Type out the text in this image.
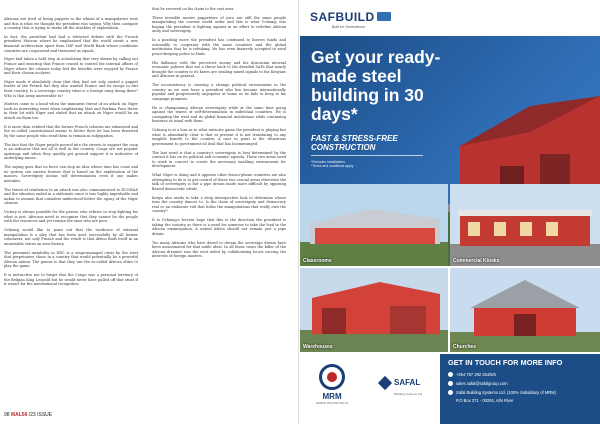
Africans are tired of being puppets to the whims of a manipulative west and this is what we thought the president was saying. Why then castigate a country that is trying to shake off the shackles of exploitation.

In fact, the president had had a televised debate with the French president Macron where he emphasized that the world needs a new financial architecture apart from IMF and World Bank whose conditions countries are cooperated and treasured as equals.

Niger had taken a bold step in actualizing that very dream by calling out France and ensuring that France ceased to control the internal affairs of Niger where the citizens today feel the benefits were enjoyed by France and their chosen acolytes.

Niger made it absolutely clear that they had not only ousted a puppet leader of the French but they also wanted France and its troops to exit their country. Is a sovereign country what is a foreign army doing there? Who is that army answerable to?

Matters came to a head when the imminent threat of an attack on Niger took an interesting twist when neighboring Mali and Burkina Faso threw in their lot with Niger and stated that an attack on Niger would be an attack on them too.

It is more than evident that the former French colonies are exhausted and the so-called constitutional means to better their lot has been thwarted by the same people who send them to remain in subjugation.

The fact that the Niger people poured into the streets to support the coup is an indicator that not all is well in the country. Coups are not popular uprisings and when they quickly get ground support it is indicative of underlying issues.

The saying goes that no force can stop an idea whose time has come and no system can survive forever that is based on the exploitation of the masses. Sovereignty means self determination even if one makes mistakes.

The threat of retaliation to an attack was also communicated to ECOWAS and the situation ended in a stalemate since it was highly improbable and unfair to assume that outsiders understood better the agony of the Niger citizens.

Victory is always possible for the person who refuses to stop fighting for what is just. Africans need to recognize that they cannot be the people with the resources and yet remain the ones who are poor.

Ochiang would like to point out that the incidence of external manipulation is a ploy that has been used successfully by all former colonizers, not only France and the result is that Africa finds itself in an unenviable status on zero-history.

The perennial instability in DRC is a stage-managed crisis by the west that perpetuates chaos in a country that would potentially be a powerful African nation. The genius is that they use the so-called African elites to play the game.

It is instructive not to forget that the Congo was a personal territory of the Belgian King Leopold but he would never have pulled off that stunt if it wasn't for the international recognition

that he received on his claim to the vast area.

These invisible master puppeteers of yore are still the same people manipulating the current world order and this is what Ochiang was hoping the president is fighting against in an effort to redefine African unity and sovereignty.

In a puzzling move the president has continued to borrow funds and ostensibly to cooperate with the same countries and the global institutions that he is rebuking. He has even bizarrely accepted to send peace-keeping police to Haiti.

His dalliance with the perceived enemy and his draconian internal economic policies that are a throw back to the dreaded SAPs that nearly brought the country to its knees are sending mixed signals to the Kenyans and Africans in general.

The inconsistency is creating a strange political environment in the country as we now have a president who has become internationally popular and progressively unpopular at home as he fails to keep to his campaign promises.

He is championing African sovereignty while at the same time going against the tenets of self-determination in individual countries. He is castigating the west and its global financial institutions while continuing business as usual with them.

Ochiang is at a loss as to what intricate game the president is playing but what is abundantly clear is that at present it is not translating to any tangible benefit to the country. A case in point is the disastrous government to government oil deal that has boomeranged.

The last word is that a country's sovereignty is best determined by the control it has on its political and economic agenda. These two areas need to work in concert to create the necessary enabling environment for development.

What Niger is doing and it appears other franco-phone countries are also attempting to do is to get control of these two crucial areas otherwise the talk of sovereignty is but a pipe dream made more difficult by opposing flawed democratic ideals.

Kenya also needs to take a deep introspective look to determine whose turn the country dances to. Is the claim of sovereignty and democracy real or an elaborate veil that hides the manipulations that really own the country?

It is Ochiang's fervent hope that this is the direction the president is taking the country as there is a need for someone to take the lead in the African emancipation. A united Africa should not remain just a pipe dream.

Too many Africans who have dared to dream the sovereign dream have been assassinated for that noble ideal. In all those cases the killer of the African dreamer was the west aided by collaborating locals serving the interests of foreign masters.

98 MAL56 /23 ISSUE
SAFBUILD
Built for Generations
Get your ready-made steel building in 30 days*
FAST & STRESS-FREE CONSTRUCTION
*Excludes Installations
*Terms and conditions apply
Classrooms	Commercial Kiosks
Warehouses	Churches
MRM
MABATI ROLLING MILLS
SAFAL
Building Systems Ltd.
GET IN TOUCH FOR MORE INFO
+254 757 292 364/5/6
sales.safal@safalgroup.com
Safal Building Systems Ltd. (100% Subsidiary of MRM)
P.O Box 271 - 00204, Athi River
